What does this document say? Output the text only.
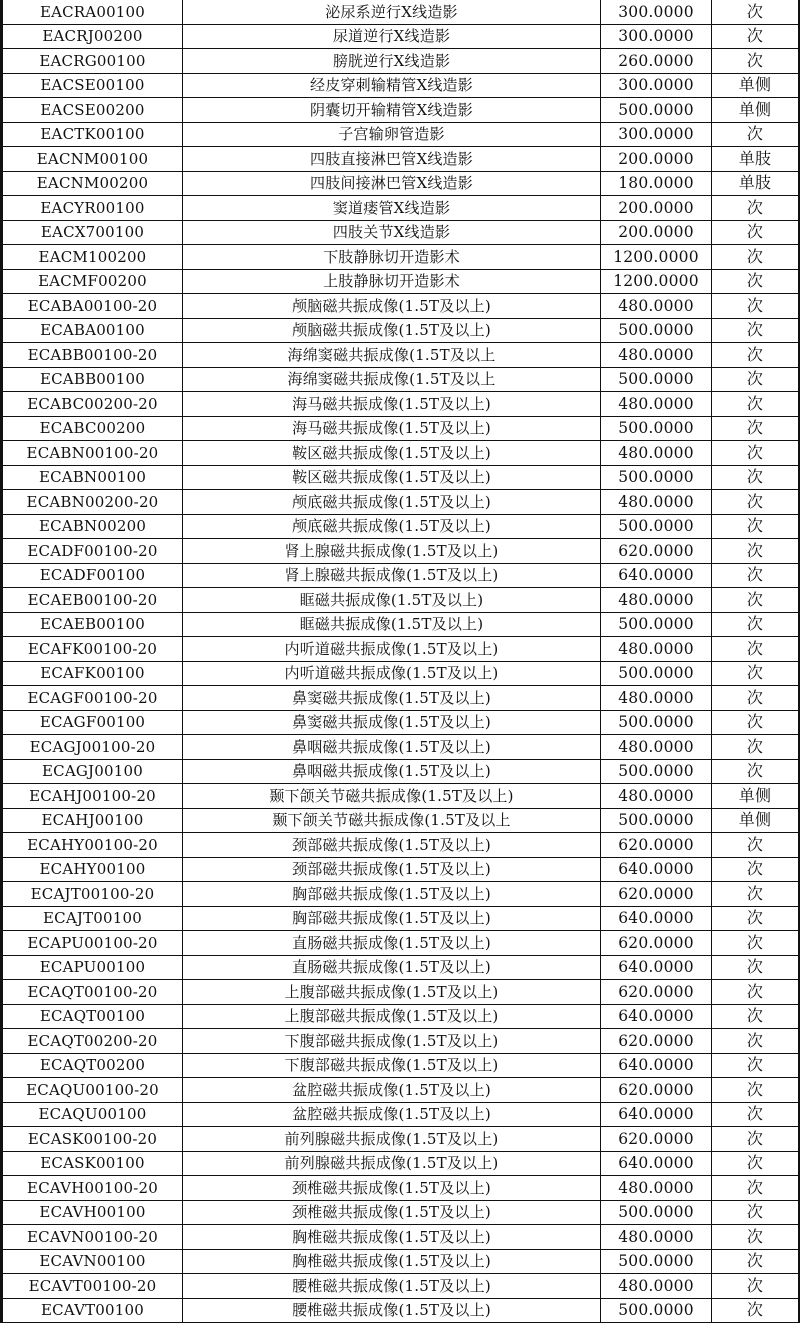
EACRA00100	泌尿系逆行X线造影	300.0000	次
EACRJ00200	尿道逆行X线造影	300.0000	次
EACRG00100	膀胱逆行X线造影	260.0000	次
EACSE00100	经皮穿刺输精管X线造影	300.0000	单侧
EACSE00200	阴囊切开输精管X线造影	500.0000	单侧
EACTK00100	子宫输卵管造影	300.0000	次
EACNM00100	四肢直接淋巴管X线造影	200.0000	单肢
EACNM00200	四肢间接淋巴管X线造影	180.0000	单肢
EACYR00100	窦道瘘管X线造影	200.0000	次
EACX700100	四肢关节X线造影	200.0000	次
EACM100200	下肢静脉切开造影术	1200.0000	次
EACMF00200	上肢静脉切开造影术	1200.0000	次
ECABA00100-20	颅脑磁共振成像(1.5T及以上)	480.0000	次
ECABA00100	颅脑磁共振成像(1.5T及以上)	500.0000	次
ECABB00100-20	海绵窦磁共振成像(1.5T及以上	480.0000	次
ECABB00100	海绵窦磁共振成像(1.5T及以上	500.0000	次
ECABC00200-20	海马磁共振成像(1.5T及以上)	480.0000	次
ECABC00200	海马磁共振成像(1.5T及以上)	500.0000	次
ECABN00100-20	鞍区磁共振成像(1.5T及以上)	480.0000	次
ECABN00100	鞍区磁共振成像(1.5T及以上)	500.0000	次
ECABN00200-20	颅底磁共振成像(1.5T及以上)	480.0000	次
ECABN00200	颅底磁共振成像(1.5T及以上)	500.0000	次
ECADF00100-20	肾上腺磁共振成像(1.5T及以上)	620.0000	次
ECADF00100	肾上腺磁共振成像(1.5T及以上)	640.0000	次
ECAEB00100-20	眶磁共振成像(1.5T及以上)	480.0000	次
ECAEB00100	眶磁共振成像(1.5T及以上)	500.0000	次
ECAFK00100-20	内听道磁共振成像(1.5T及以上)	480.0000	次
ECAFK00100	内听道磁共振成像(1.5T及以上)	500.0000	次
ECAGF00100-20	鼻窦磁共振成像(1.5T及以上)	480.0000	次
ECAGF00100	鼻窦磁共振成像(1.5T及以上)	500.0000	次
ECAGJ00100-20	鼻咽磁共振成像(1.5T及以上)	480.0000	次
ECAGJ00100	鼻咽磁共振成像(1.5T及以上)	500.0000	次
ECAHJ00100-20	颞下颌关节磁共振成像(1.5T及以上)	480.0000	单侧
ECAHJ00100	颞下颌关节磁共振成像(1.5T及以上	500.0000	单侧
ECAHY00100-20	颈部磁共振成像(1.5T及以上)	620.0000	次
ECAHY00100	颈部磁共振成像(1.5T及以上)	640.0000	次
ECAJT00100-20	胸部磁共振成像(1.5T及以上)	620.0000	次
ECAJT00100	胸部磁共振成像(1.5T及以上)	640.0000	次
ECAPU00100-20	直肠磁共振成像(1.5T及以上)	620.0000	次
ECAPU00100	直肠磁共振成像(1.5T及以上)	640.0000	次
ECAQT00100-20	上腹部磁共振成像(1.5T及以上)	620.0000	次
ECAQT00100	上腹部磁共振成像(1.5T及以上)	640.0000	次
ECAQT00200-20	下腹部磁共振成像(1.5T及以上)	620.0000	次
ECAQT00200	下腹部磁共振成像(1.5T及以上)	640.0000	次
ECAQU00100-20	盆腔磁共振成像(1.5T及以上)	620.0000	次
ECAQU00100	盆腔磁共振成像(1.5T及以上)	640.0000	次
ECASK00100-20	前列腺磁共振成像(1.5T及以上)	620.0000	次
ECASK00100	前列腺磁共振成像(1.5T及以上)	640.0000	次
ECAVH00100-20	颈椎磁共振成像(1.5T及以上)	480.0000	次
ECAVH00100	颈椎磁共振成像(1.5T及以上)	500.0000	次
ECAVN00100-20	胸椎磁共振成像(1.5T及以上)	480.0000	次
ECAVN00100	胸椎磁共振成像(1.5T及以上)	500.0000	次
ECAVT00100-20	腰椎磁共振成像(1.5T及以上)	480.0000	次
ECAVT00100	腰椎磁共振成像(1.5T及以上)	500.0000	次
